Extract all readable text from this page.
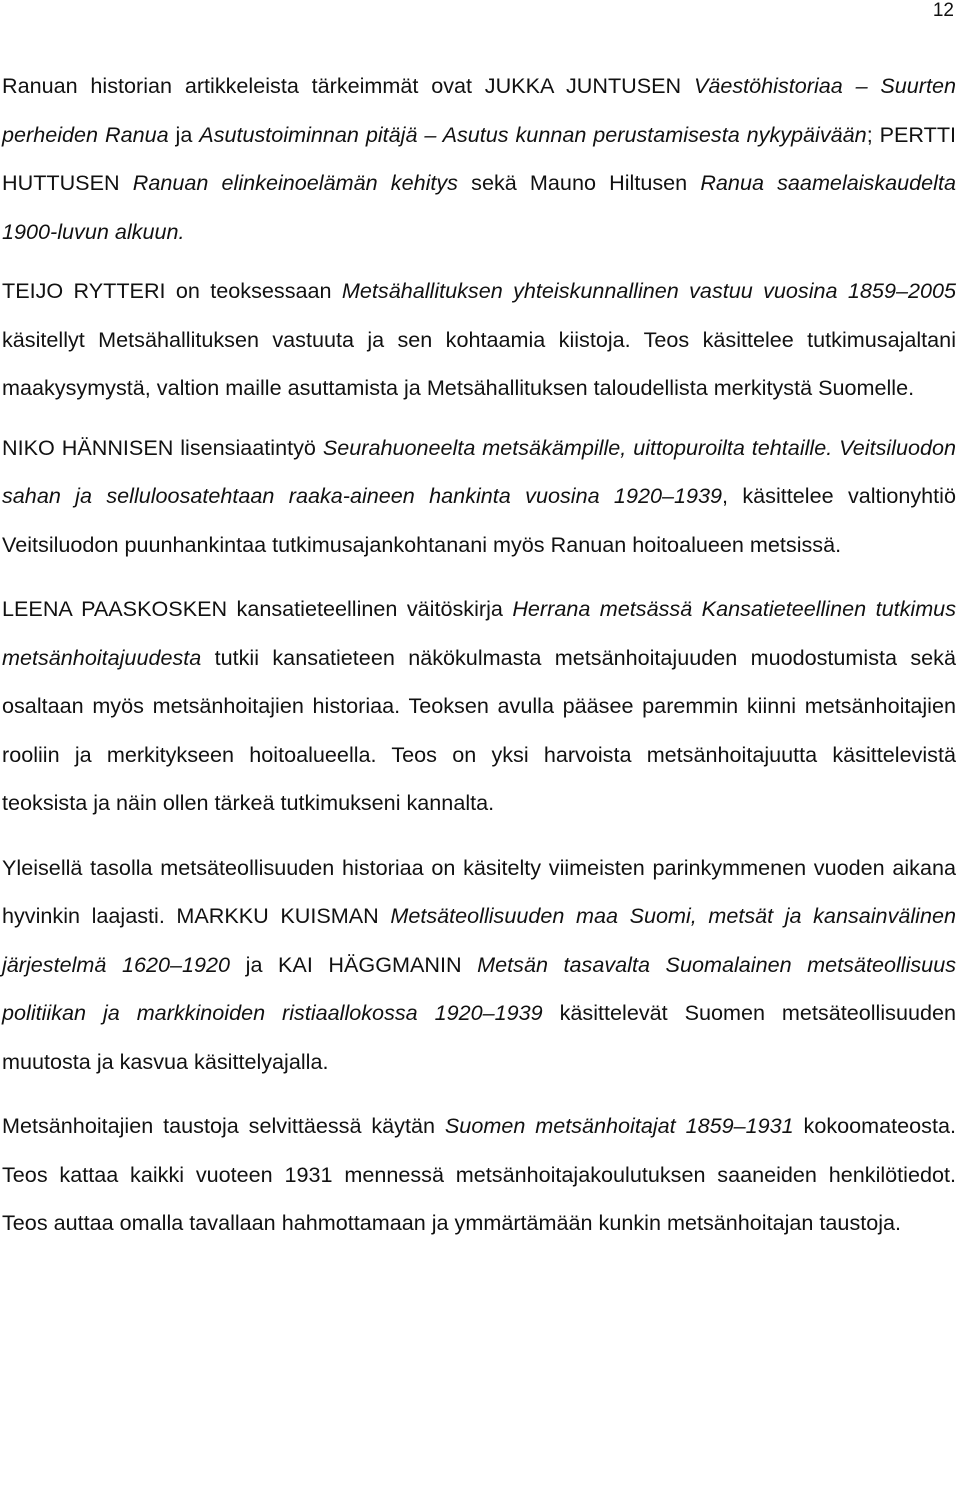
12

Ranuan historian artikkeleista tärkeimmät ovat JUKKA JUNTUSEN Väestöhistoriaa – Suurten perheiden Ranua ja Asutustoiminnan pitäjä – Asutus kunnan perustamisesta nykypäivään; PERTTI HUTTUSEN Ranuan elinkeinoelämän kehitys sekä Mauno Hiltusen Ranua saamelaiskaudelta 1900-luvun alkuun.

TEIJO RYTTERI on teoksessaan Metsähallituksen yhteiskunnallinen vastuu vuosina 1859–2005 käsitellyt Metsähallituksen vastuuta ja sen kohtaamia kiistoja. Teos käsittelee tutkimusajaltani maakysymystä, valtion maille asuttamista ja Metsähallituksen taloudellista merkitystä Suomelle.

NIKO HÄNNISEN lisensiaatintyö Seurahuoneelta metsäkämpille, uittopuroilta tehtaille. Veitsiluodon sahan ja selluloosatehtaan raaka-aineen hankinta vuosina 1920–1939, käsittelee valtionyhtiö Veitsiluodon puunhankintaa tutkimusajankohtanani myös Ranuan hoitoalueen metsissä.

LEENA PAASKOSKEN kansatieteellinen väitöskirja Herrana metsässä Kansatieteellinen tutkimus metsänhoitajuudesta tutkii kansatieteen näkökulmasta metsänhoitajuuden muodostumista sekä osaltaan myös metsänhoitajien historiaa. Teoksen avulla pääsee paremmin kiinni metsänhoitajien rooliin ja merkitykseen hoitoalueella. Teos on yksi harvoista metsänhoitajuutta käsittelevistä teoksista ja näin ollen tärkeä tutkimukseni kannalta.

Yleisellä tasolla metsäteollisuuden historiaa on käsitelty viimeisten parinkymmenen vuoden aikana hyvinkin laajasti. MARKKU KUISMAN Metsäteollisuuden maa Suomi, metsät ja kansainvälinen järjestelmä 1620–1920 ja KAI HÄGGMANIN Metsän tasavalta Suomalainen metsäteollisuus politiikan ja markkinoiden ristiaallokossa 1920–1939 käsittelevät Suomen metsäteollisuuden muutosta ja kasvua käsittelyajalla.

Metsänhoitajien taustoja selvittäessä käytän Suomen metsänhoitajat 1859–1931 kokoomateosta. Teos kattaa kaikki vuoteen 1931 mennessä metsänhoitajakoulutuksen saaneiden henkilötiedot. Teos auttaa omalla tavallaan hahmottamaan ja ymmärtämään kunkin metsänhoitajan taustoja.
